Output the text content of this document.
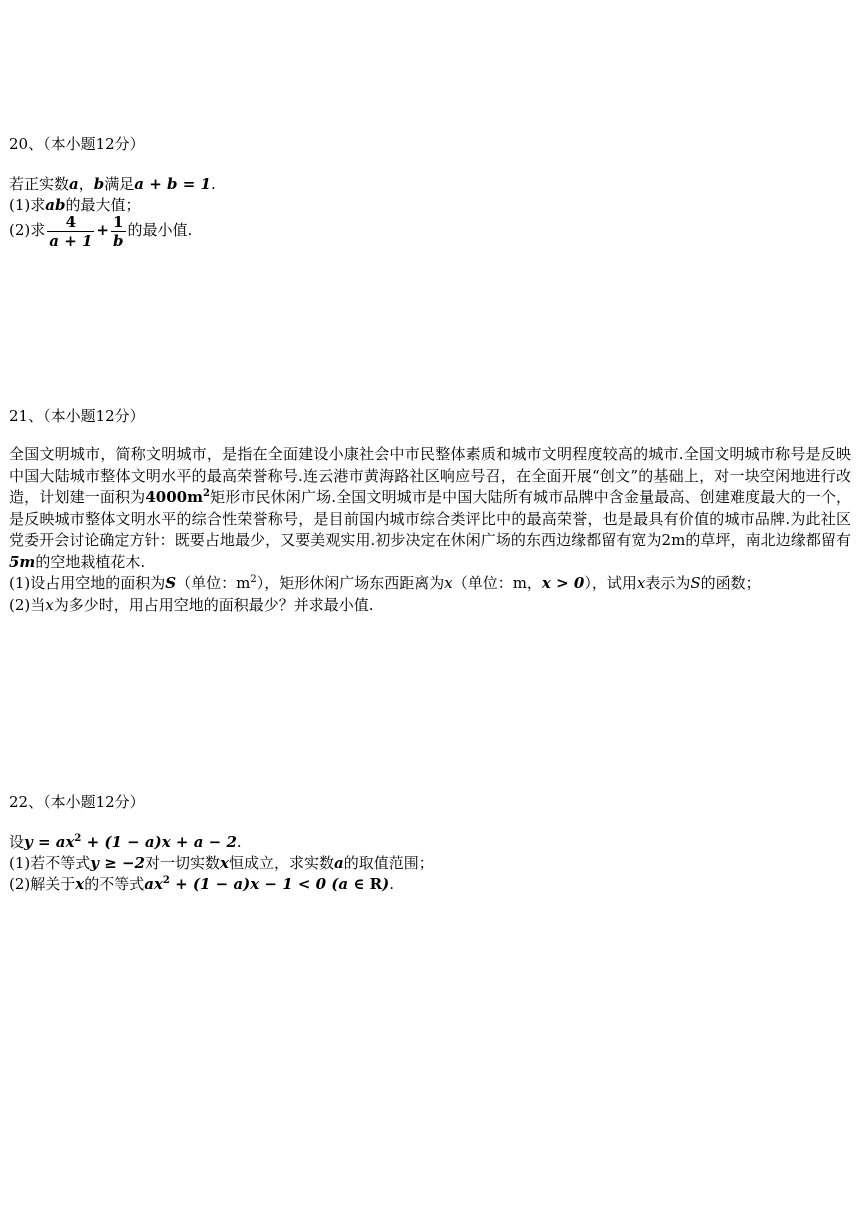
20、（本小题12分）

若正实数a，b满足a + b = 1.

(1)求ab的最大值；

(2)求 $\frac{4}{a + 1} + \frac{1}{b}$ 的最小值.

21、（本小题12分）

全国文明城市，简称文明城市，是指在全面建设小康社会中市民整体素质和城市文明程度较高的城市.全国文明城市称号是反映中国大陆城市整体文明水平的最高荣誉称号.连云港市黄海路社区响应号召，在全面开展“创文”的基础上，对一块空闲地进行改造，计划建一面积为$4000m^2$矩形市民休闲广场.全国文明城市是中国大陆所有城市品牌中含金量最高、创建难度最大的一个，是反映城市整体文明水平的综合性荣誉称号，是目前国内城市综合类评比中的最高荣誉，也是最具有价值的城市品牌.为此社区党委开会讨论确定方针：既要占地最少，又要美观实用.初步决定在休闲广场的东西边缘都留有宽为2m的草坪，南北边缘都留有5m的空地栽植花木.

(1)设占用空地的面积为S（单位：$m^2$），矩形休闲广场东西距离为x（单位：m，x > 0），试用x表示为S的函数；

(2)当x为多少时，用占用空地的面积最少？并求最小值.

22、（本小题12分）

设$y = ax^2 + (1 - a)x + a - 2$.

(1)若不等式y ≥ −2对一切实数x恒成立，求实数a的取值范围；

(2)解关于x的不等式$ax^2 + (1 - a)x - 1 < 0$ (a ∈ R).
